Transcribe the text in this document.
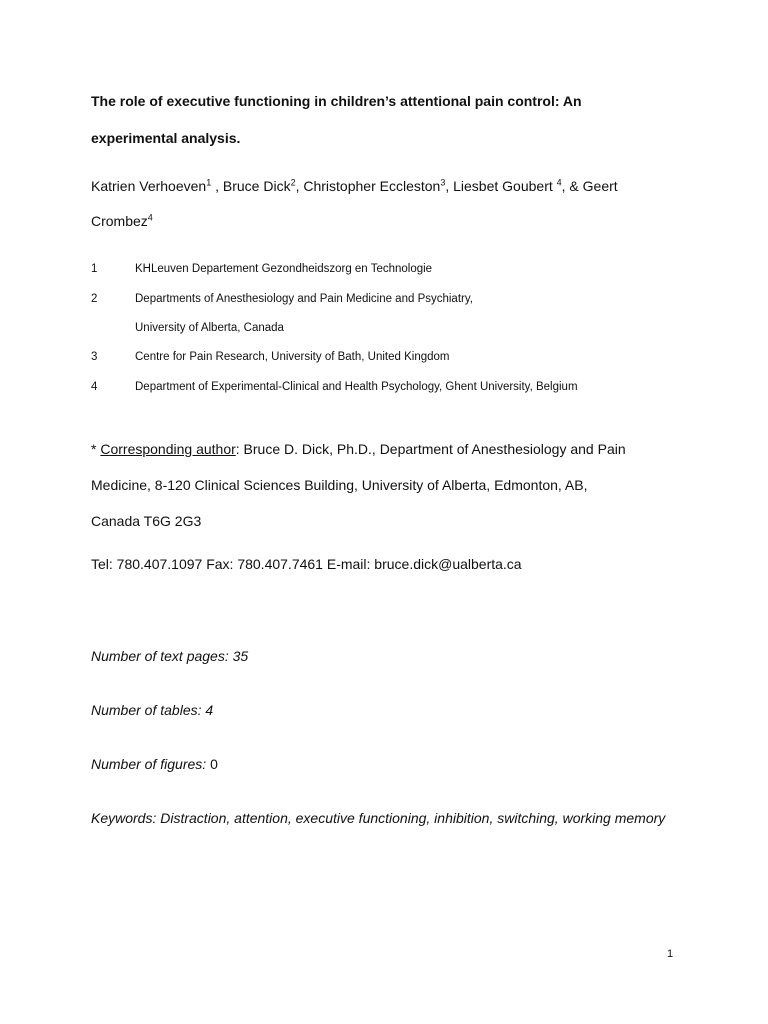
The role of executive functioning in children’s attentional pain control: An
experimental analysis.
Katrien Verhoeven$^1$ , Bruce Dick$^2$, Christopher Eccleston$^3$, Liesbet Goubert $^4$, & Geert
Crombez$^4$
1	KHLeuven Departement Gezondheidszorg en Technologie
2	Departments of Anesthesiology and Pain Medicine and Psychiatry,
University of Alberta, Canada
3	Centre for Pain Research, University of Bath, United Kingdom
4	Department of Experimental-Clinical and Health Psychology, Ghent University, Belgium
* Corresponding author: Bruce D. Dick, Ph.D., Department of Anesthesiology and Pain
Medicine, 8-120 Clinical Sciences Building, University of Alberta, Edmonton, AB,
Canada T6G 2G3
Tel: 780.407.1097 Fax: 780.407.7461 E-mail: bruce.dick@ualberta.ca
Number of text pages: 35
Number of tables: 4
Number of figures: 0
Keywords: Distraction, attention, executive functioning, inhibition, switching, working memory
1
